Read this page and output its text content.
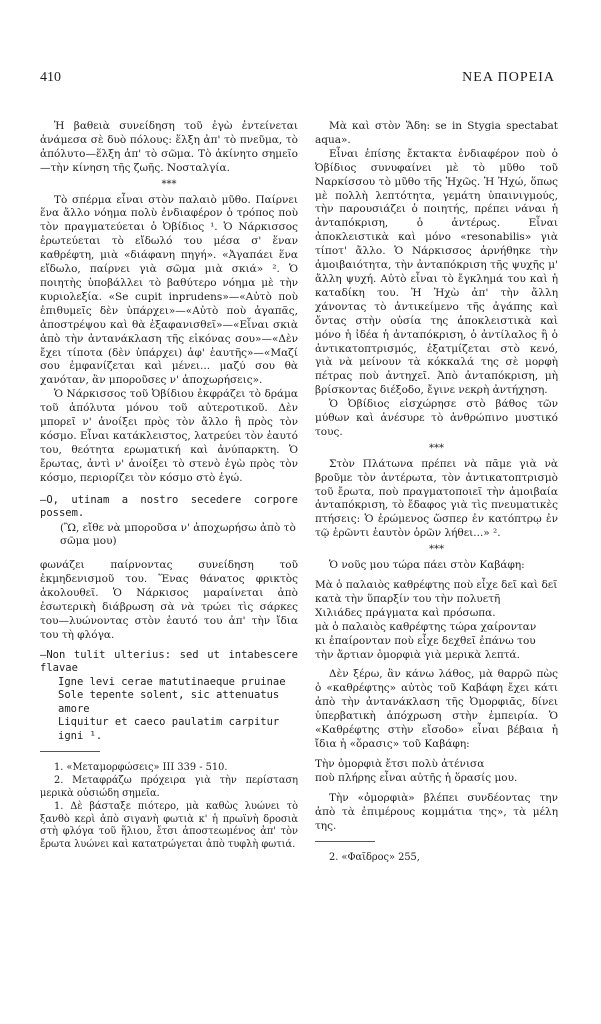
410	ΝΕΑ ΠΟΡΕΙΑ

Ἡ βαθειὰ συνείδηση τοῦ ἐγὼ ἐντείνεται ἀνάμεσα σὲ δυὸ πόλους: ἕλξη ἀπ' τὸ πνεῦμα, τὸ ἀπόλυτο—ἕλξη ἀπ' τὸ σῶμα. Τὸ ἀκίνητο σημεῖο—τὴν κίνηση τῆς ζωῆς. Νοσταλγία.

***

Τὸ σπέρμα εἶναι στὸν παλαιὸ μῦθο. Παίρνει ἕνα ἄλλο νόημα πολὺ ἐνδιαφέρον ὁ τρόπος ποὺ τὸν πραγματεύεται ὁ Ὀβίδιος ¹. Ὁ Νάρκισσος ἐρωτεύεται τὸ εἴδωλό του μέσα σ' ἕναν καθρέφτη, μιὰ «διάφανη πηγή». «Ἀγαπάει ἕνα εἴδωλο, παίρνει γιὰ σῶμα μιὰ σκιά» ². Ὁ ποιητὴς ὑποβάλλει τὸ βαθύτερο νόημα μὲ τὴν κυριολεξία. «Se cupit inprudens»—«Αὐτὸ ποὺ ἐπιθυμεῖς δὲν ὑπάρχει»—«Αὐτὸ ποὺ ἀγαπᾶς, ἀποστρέψου καὶ θὰ ἐξαφανισθεῖ»—«Εἶναι σκιὰ ἀπὸ τὴν ἀντανάκλαση τῆς εἰκόνας σου»—«Δὲν ἔχει τίποτα (δὲν ὑπάρχει) ἀφ' ἑαυτῆς»—«Μαζί σου ἐμφανίζεται καὶ μένει... μαζύ σου θὰ χανόταν, ἂν μποροῦσες ν' ἀποχωρήσεις».

Ὁ Νάρκισσος τοῦ Ὀβίδιου ἐκφράζει τὸ δράμα τοῦ ἀπόλυτα μόνου τοῦ αὐτεροτικοῦ. Δὲν μπορεῖ ν' ἀνοίξει πρὸς τὸν ἄλλο ἢ πρὸς τὸν κόσμο. Εἶναι κατάκλειστος, λατρεύει τὸν ἑαυτό του, θεότητα ερωματική καὶ ἀνύπαρκτη. Ὁ ἔρωτας, ἀντὶ ν' ἀνοίξει τὸ στενὸ ἐγὼ πρὸς τὸν κόσμο, περιορίζει τὸν κόσμο στὸ ἐγώ.

—O, utinam a nostro secedere corpore possem.
(Ὢ, εἴθε νὰ μποροῦσα ν' ἀποχωρήσω ἀπὸ τὸ σῶμα μου)

φωνάζει παίρνοντας συνείδηση τοῦ ἐκμηδενισμοῦ του. Ἕνας θάνατος φρικτὸς ἀκολουθεῖ. Ὁ Νάρκισος μαραίνεται ἀπὸ ἐσωτερικὴ διάβρωση σὰ νὰ τρώει τὶς σάρκες του—λυώνοντας στὸν ἑαυτό του ἀπ' τὴν ἴδια του τὴ φλόγα.

—Non tulit ulterius: sed ut intabescere flavae
Igne levi cerae matutinaeque pruinae
Sole tepente solent, sic attenuatus amore
Liquitur et caeco paulatim carpitur igni ¹.

1. «Μεταμορφώσεις» III 339 - 510.

2. Μεταφράζω πρόχειρα γιὰ τὴν περίσταση μερικὰ οὐσιώδη σημεῖα.

1. Δὲ βάσταξε πιότερο, μὰ καθὼς λυώνει τὸ ξανθὸ κερὶ ἀπὸ σιγανὴ φωτιὰ κ' ἡ πρωϊνὴ δροσιὰ στὴ φλόγα τοῦ ἥλιου, ἔτσι ἀποστεωμένος ἀπ' τὸν ἔρωτα λυώνει καὶ κατατρώγεται ἀπὸ τυφλὴ φωτιά.

Μὰ καὶ στὸν Ἅδη: se in Stygia spectabat aqua».

Εἶναι ἐπίσης ἔκτακτα ἐνδιαφέρον ποὺ ὁ Ὀβίδιος συνυφαίνει μὲ τὸ μῦθο τοῦ Ναρκίσσου τὸ μῦθο τῆς Ἠχῶς. Ἡ Ἠχώ, ὅπως μὲ πολλὴ λεπτότητα, γεμάτη ὑπαινιγμούς, τὴν παρουσιάζει ὁ ποιητής, πρέπει νάναι ἡ ἀνταπόκριση, ὁ ἀντέρως. Εἶναι ἀποκλειστικὰ καὶ μόνο «resonabilis» γιὰ τίποτ' ἄλλο. Ὁ Νάρκισσος ἀρνήθηκε τὴν ἀμοιβαιότητα, τὴν ἀνταπόκριση τῆς ψυχῆς μ' ἄλλη ψυχή. Αὐτὸ εἶναι τὸ ἔγκλημά του καὶ ἡ καταδίκη του. Ἡ Ἠχὼ ἀπ' τὴν ἄλλη χάνοντας τὸ ἀντικείμενο τῆς ἀγάπης καὶ ὄντας στὴν οὐσία της ἀποκλειστικὰ καὶ μόνο ἡ ἰδέα ἡ ἀνταπόκριση, ὁ ἀντίλαλος ἢ ὁ ἀντικατοπτρισμός, ἐξατμίζεται στὸ κενό, γιὰ νὰ μείνουν τὰ κόκκαλά της σὲ μορφὴ πέτρας ποὺ ἀντηχεῖ. Ἀπὸ ἀνταπόκριση, μὴ βρίσκοντας διέξοδο, ἔγινε νεκρὴ ἀντήχηση.

Ὁ Ὀβίδιος εἰσχώρησε στὸ βάθος τῶν μύθων καὶ ἀνέσυρε τὸ ἀνθρώπινο μυστικό τους.

***

Στὸν Πλάτωνα πρέπει νὰ πᾶμε γιὰ νὰ βροῦμε τὸν ἀντέρωτα, τὸν ἀντικατοπτρισμὸ τοῦ ἔρωτα, ποὺ πραγματοποιεῖ τὴν ἀμοιβαία ἀνταπόκριση, τὸ ἔδαφος γιὰ τὶς πνευματικὲς πτήσεις: Ὁ ἐρώμενος ὥσπερ ἐν κατόπτρῳ ἐν τῷ ἐρῶντι ἑαυτὸν ὁρῶν λήθει...» ².

***

Ὁ νοῦς μου τώρα πάει στὸν Καβάφη:

Μὰ ὁ παλαιὸς καθρέφτης ποὺ εἶχε δεῖ καὶ δεῖ
κατὰ τὴν ὕπαρξίν του τὴν πολυετῆ
Χιλιάδες πράγματα καὶ πρόσωπα.
μὰ ὁ παλαιὸς καθρέφτης τώρα χαίρονταν
κι ἐπαίρονταν ποὺ εἶχε δεχθεῖ ἐπάνω του
τὴν ἄρτιαν ὁμορφιὰ γιὰ μερικὰ λεπτά.

Δὲν ξέρω, ἂν κάνω λάθος, μὰ θαρρῶ πὼς ὁ «καθρέφτης» αὐτὸς τοῦ Καβάφη ἔχει κάτι ἀπὸ τὴν ἀντανάκλαση τῆς Ὀμορφιᾶς, δίνει ὑπερβατικὴ ἀπόχρωση στὴν ἐμπειρία. Ὁ «Καθρέφτης στὴν εἴσοδο» εἶναι βέβαια ἡ ἴδια ἡ «ὅρασις» τοῦ Καβάφη:

Τὴν ὀμορφιὰ ἔτσι πολὺ ἀτένισα
ποὺ πλήρης εἶναι αὐτῆς ἡ ὅρασίς μου.

Τὴν «ὀμορφιὰ» βλέπει συνδέοντας την ἀπὸ τὰ ἐπιμέρους κομμάτια της», τὰ μέλη της.

2. «Φαῖδρος» 255,
